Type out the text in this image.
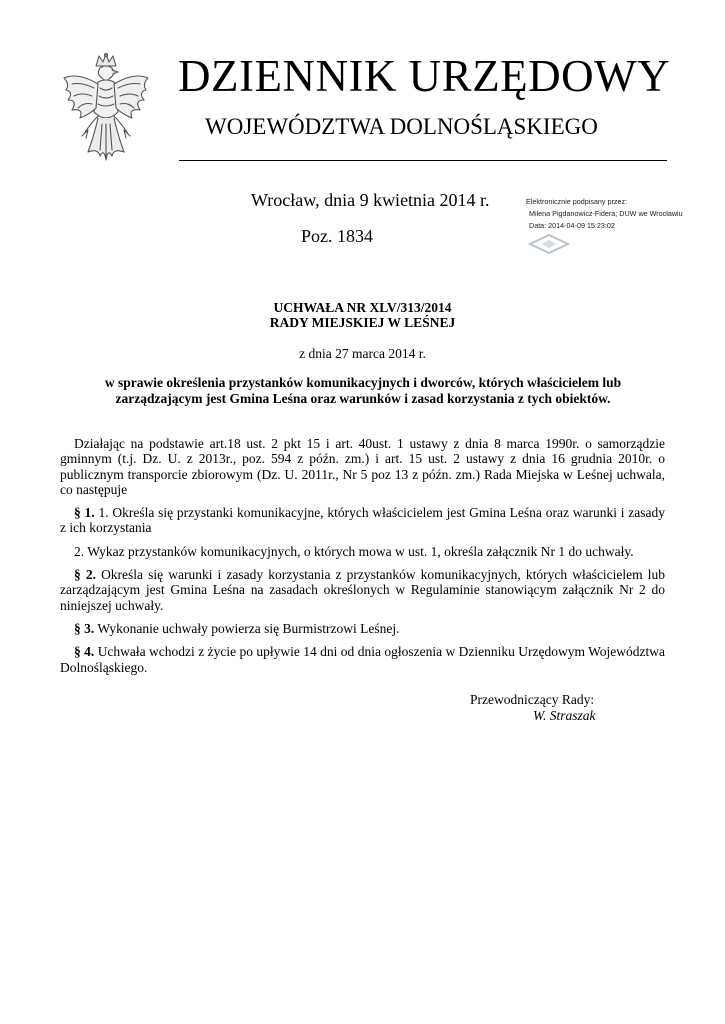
DZIENNIK URZĘDOWY
WOJEWÓDZTWA DOLNOŚLĄSKIEGO
Wrocław, dnia 9 kwietnia 2014 r.
Poz. 1834
Elektronicznie podpisany przez:
Milena Pigdanowicz-Fidera; DUW we Wrocławiu
Data: 2014-04-09 15:23:02
UCHWAŁA NR XLV/313/2014
RADY MIEJSKIEJ W LEŚNEJ
z dnia 27 marca 2014 r.
w sprawie określenia przystanków komunikacyjnych i dworców, których właścicielem lub
zarządzającym jest Gmina Leśna oraz warunków i zasad korzystania z tych obiektów.

Działając na podstawie art.18 ust. 2 pkt 15 i art. 40ust. 1 ustawy z dnia 8 marca 1990r. o samorządzie gminnym (t.j. Dz. U. z 2013r., poz. 594 z późn. zm.) i art. 15 ust. 2 ustawy z dnia 16 grudnia 2010r. o publicznym transporcie zbiorowym (Dz. U. 2011r., Nr 5 poz 13 z późn. zm.) Rada Miejska w Leśnej uchwala, co następuje

§ 1. 1. Określa się przystanki komunikacyjne, których właścicielem jest Gmina Leśna oraz warunki i zasady z ich korzystania

2. Wykaz przystanków komunikacyjnych, o których mowa w ust. 1, określa załącznik Nr 1 do uchwały.

§ 2. Określa się warunki i zasady korzystania z przystanków komunikacyjnych, których właścicielem lub zarządzającym jest Gmina Leśna na zasadach określonych w Regulaminie stanowiącym załącznik Nr 2 do niniejszej uchwały.

§ 3. Wykonanie uchwały powierza się Burmistrzowi Leśnej.

§ 4. Uchwała wchodzi z życie po upływie 14 dni od dnia ogłoszenia w Dzienniku Urzędowym Województwa Dolnośląskiego.

Przewodniczący Rady:
W. Straszak
